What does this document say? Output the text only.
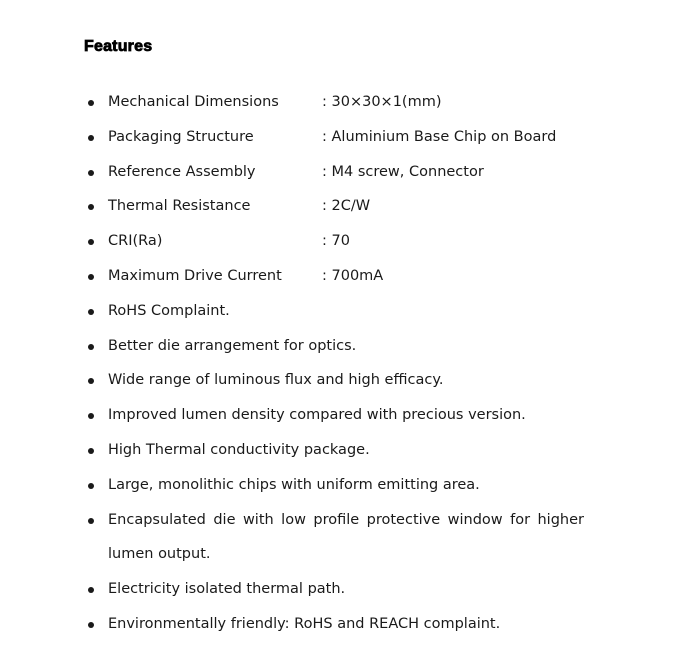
Features
Mechanical Dimensions	: 30×30×1(mm)
Packaging Structure	: Aluminium Base Chip on Board
Reference Assembly	: M4 screw, Connector
Thermal Resistance	: 2C/W
CRI(Ra)	: 70
Maximum Drive Current	: 700mA
RoHS Complaint.
Better die arrangement for optics.
Wide range of luminous flux and high efficacy.
Improved lumen density compared with precious version.
High Thermal conductivity package.
Large, monolithic chips with uniform emitting area.
Encapsulated die with low profile protective window for higher lumen output.
Electricity isolated thermal path.
Environmentally friendly: RoHS and REACH complaint.
